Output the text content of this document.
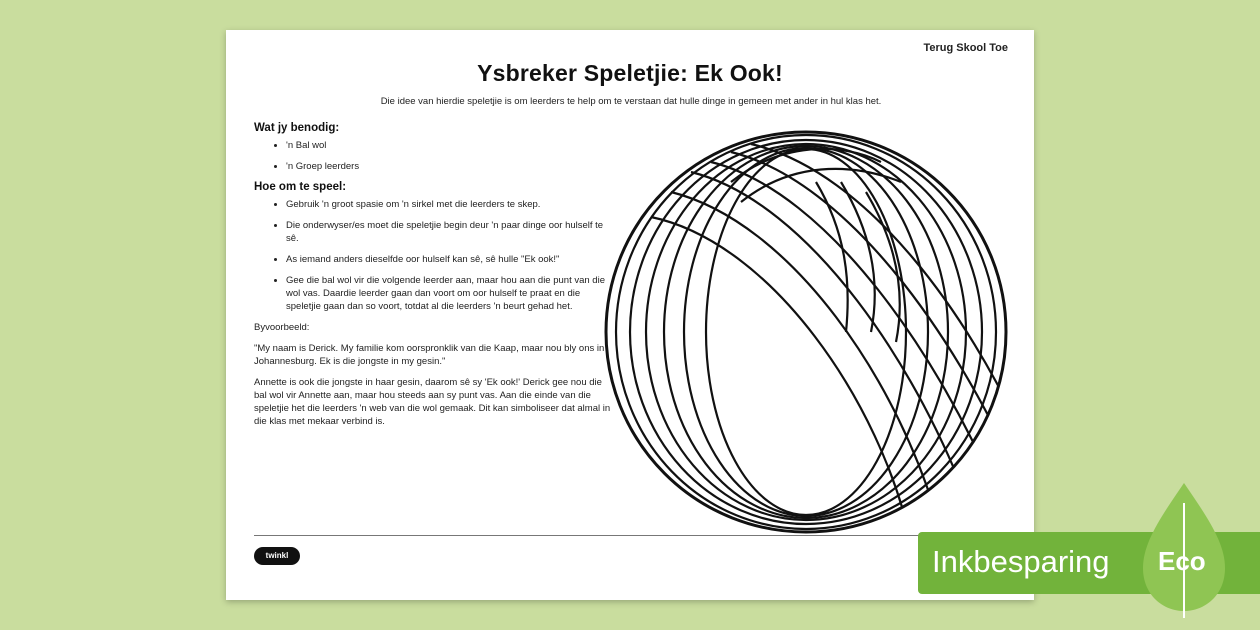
Terug Skool Toe
Ysbreker Speletjie: Ek Ook!
Die idee van hierdie speletjie is om leerders te help om te verstaan dat hulle dinge in gemeen met ander in hul klas het.
Wat jy benodig:
• 'n Bal wol
• 'n Groep leerders
Hoe om te speel:
• Gebruik 'n groot spasie om 'n sirkel met die leerders te skep.
• Die onderwyser/es moet die speletjie begin deur 'n paar dinge oor hulself te sê.
• As iemand anders dieselfde oor hulself kan sê, sê hulle "Ek ook!"
• Gee die bal wol vir die volgende leerder aan, maar hou aan die punt van die wol vas. Daardie leerder gaan dan voort om oor hulself te praat en die speletjie gaan dan so voort, totdat al die leerders 'n beurt gehad het.

Byvoorbeeld:

"My naam is Derick. My familie kom oorspronklik van die Kaap, maar nou bly ons in Johannesburg. Ek is die jongste in my gesin."

Annette is ook die jongste in haar gesin, daarom sê sy 'Ek ook!' Derick gee nou die bal wol vir Annette aan, maar hou steeds aan sy punt vas. Aan die einde van die speletjie het die leerders 'n web van die wol gemaak. Dit kan simboliseer dat almal in die klas met mekaar verbind is.

twinkl	Inkbesparing Eco
